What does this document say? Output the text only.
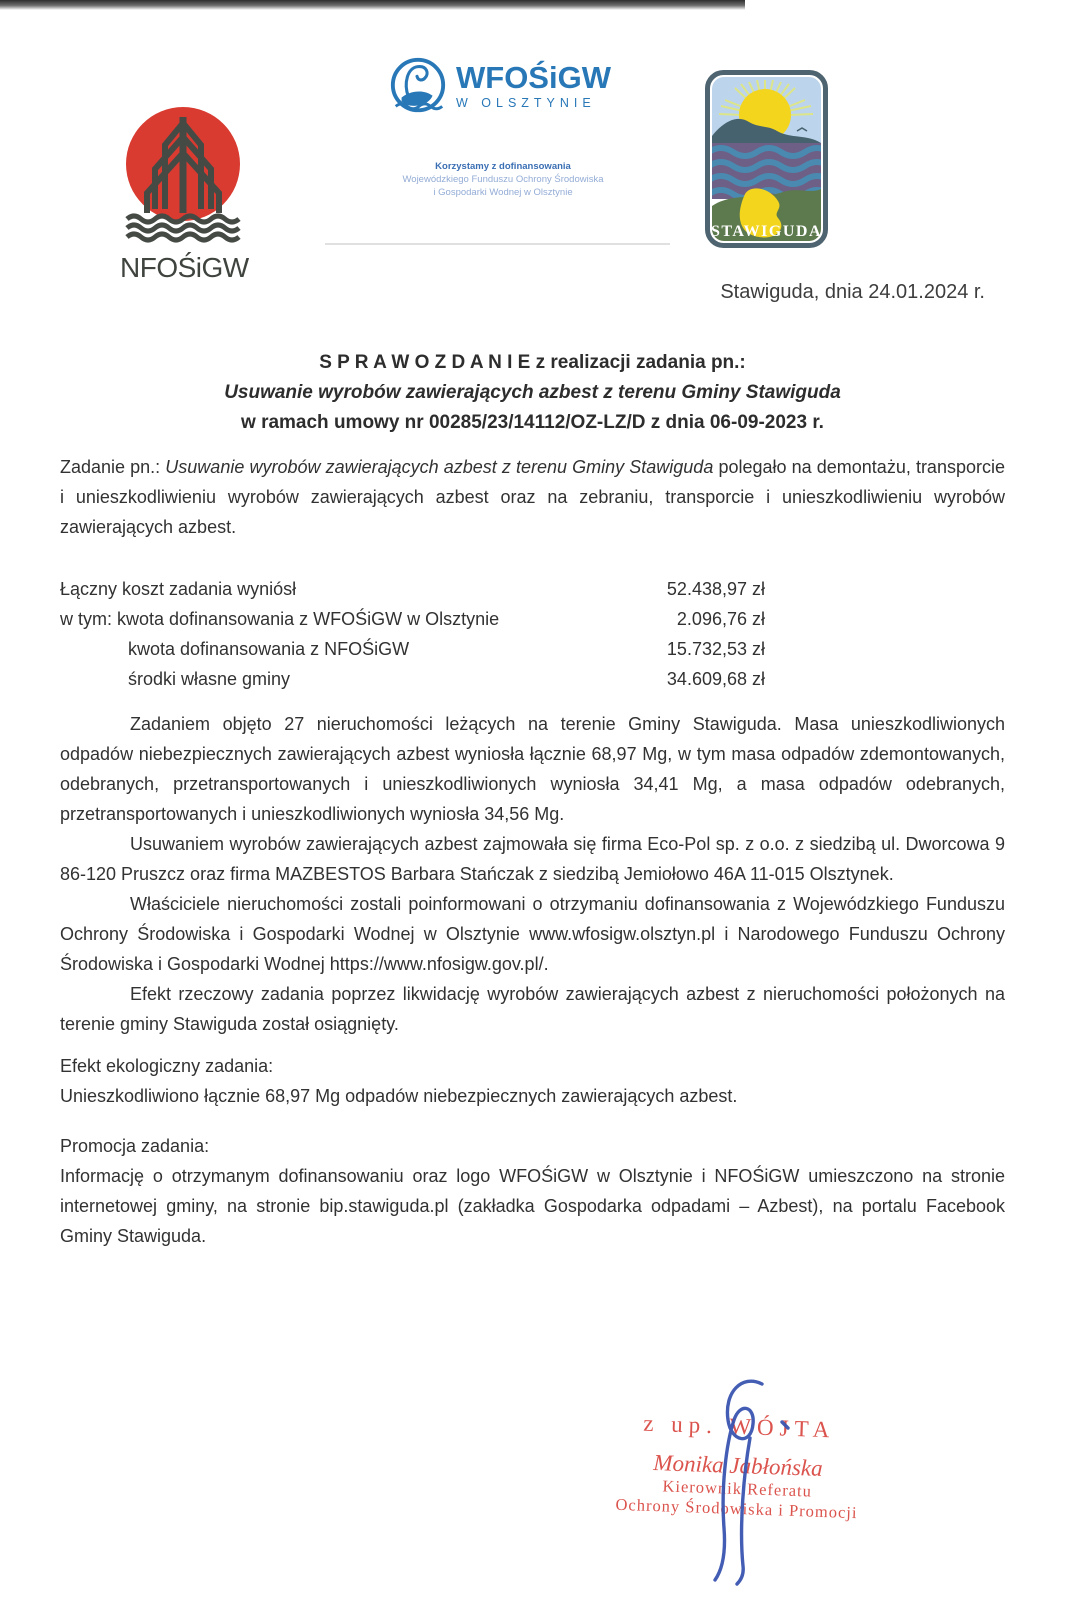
NFOŚiGW
WFOŚiGW
W OLSZTYNIE
Korzystamy z dofinansowania
Wojewódzkiego Funduszu Ochrony Środowiska
i Gospodarki Wodnej w Olsztynie
STAWIGUDA
Stawiguda, dnia 24.01.2024 r.
S P R A W O Z D A N I E z realizacji zadania pn.:
Usuwanie wyrobów zawierających azbest z terenu Gminy Stawiguda
w ramach umowy nr 00285/23/14112/OZ-LZ/D z dnia 06-09-2023 r.

Zadanie pn.: Usuwanie wyrobów zawierających azbest z terenu Gminy Stawiguda polegało na demontażu, transporcie i unieszkodliwieniu wyrobów zawierających azbest oraz na zebraniu, transporcie i unieszkodliwieniu wyrobów zawierających azbest.

Łączny koszt zadania wyniósł	52.438,97 zł
w tym: kwota dofinansowania z WFOŚiGW w Olsztynie	2.096,76 zł
kwota dofinansowania z NFOŚiGW	15.732,53 zł
środki własne gminy	34.609,68 zł

Zadaniem objęto 27 nieruchomości leżących na terenie Gminy Stawiguda. Masa unieszkodliwionych odpadów niebezpiecznych zawierających azbest wyniosła łącznie 68,97 Mg, w tym masa odpadów zdemontowanych, odebranych, przetransportowanych i unieszkodliwionych wyniosła 34,41 Mg, a masa odpadów odebranych, przetransportowanych i unieszkodliwionych wyniosła 34,56 Mg.

Usuwaniem wyrobów zawierających azbest zajmowała się firma Eco-Pol sp. z o.o. z siedzibą ul. Dworcowa 9 86-120 Pruszcz oraz firma MAZBESTOS Barbara Stańczak z siedzibą Jemiołowo 46A 11-015 Olsztynek.

Właściciele nieruchomości zostali poinformowani o otrzymaniu dofinansowania z Wojewódzkiego Funduszu Ochrony Środowiska i Gospodarki Wodnej w Olsztynie www.wfosigw.olsztyn.pl i Narodowego Funduszu Ochrony Środowiska i Gospodarki Wodnej https://www.nfosigw.gov.pl/.

Efekt rzeczowy zadania poprzez likwidację wyrobów zawierających azbest z nieruchomości położonych na terenie gminy Stawiguda został osiągnięty.

Efekt ekologiczny zadania:

Unieszkodliwiono łącznie 68,97 Mg odpadów niebezpiecznych zawierających azbest.

Promocja zadania:

Informację o otrzymanym dofinansowaniu oraz logo WFOŚiGW w Olsztynie i NFOŚiGW umieszczono na stronie internetowej gminy, na stronie bip.stawiguda.pl (zakładka Gospodarka odpadami – Azbest), na portalu Facebook Gminy Stawiguda.

z up. WÓJTA
Monika Jabłońska
Kierownik Referatu
Ochrony Środowiska i Promocji
